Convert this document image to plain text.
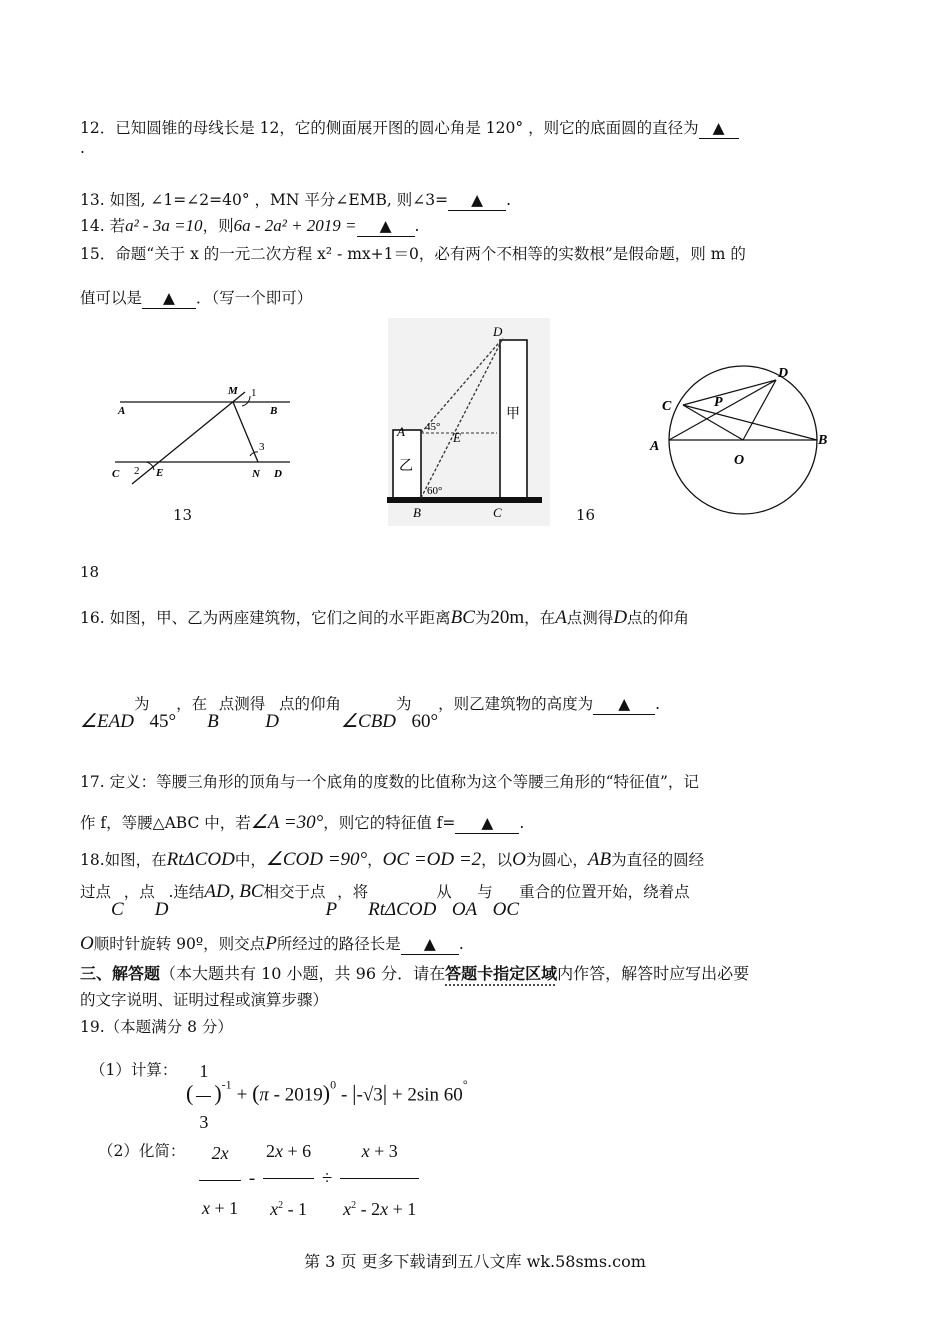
12．已知圆锥的母线长是 12，它的侧面展开图的圆心角是 120° ，则它的底面圆的直径为 ▲
.
13. 如图, ∠1=∠2=40° ，MN 平分∠EMB, 则∠3= ▲ .
14. 若a² - 3a =10，则6a - 2a² + 2019 = ▲ .
15．命题“关于 x 的一元二次方程 x² - mx+1＝0，必有两个不相等的实数根”是假命题，则 m 的
值可以是 ▲ ．（写一个即可）
A	B
M 1
3
C 2 E	N D
13
D
A 45°
E
乙
甲
60°
B	C
D
C	P
A
O
B
16
18
16. 如图，甲、乙为两座建筑物，它们之间的水平距离BC为20m，在A点测得D点的仰角
∠EAD为45°，在B点测得D点的仰角∠CBD为60°，则乙建筑物的高度为 ▲ .
17. 定义：等腰三角形的顶角与一个底角的度数的比值称为这个等腰三角形的“特征值”，记
作 f，等腰△ABC 中，若∠A =30°，则它的特征值 f= ▲ .
18.如图，在RtΔCOD中，∠COD =90°，OC =OD =2，以O为圆心，AB为直径的圆经
过点C，点D.连结AD, BC相交于点P，将RtΔCOD从OA与OC重合的位置开始，绕着点
O顺时针旋转 90º，则交点P所经过的路径长是 ▲ .
三、解答题（本大题共有 10 小题，共 96 分．请在答题卡指定区域内作答，解答时应写出必要
的文字说明、证明过程或演算步骤）
19.（本题满分 8 分）
（1）计算：
( $\frac{1}{3} )^{-1} + (\pi - 2019)^0 - |-√3| + 2\sin$ 60°
（2）化简： $\frac{2x}{x + 1} - \frac{2x + 6}{x^2 - 1} \div \frac{x + 3}{x^2 - 2x + 1}$
第 3 页 更多下载请到五八文库 wk.58sms.com
